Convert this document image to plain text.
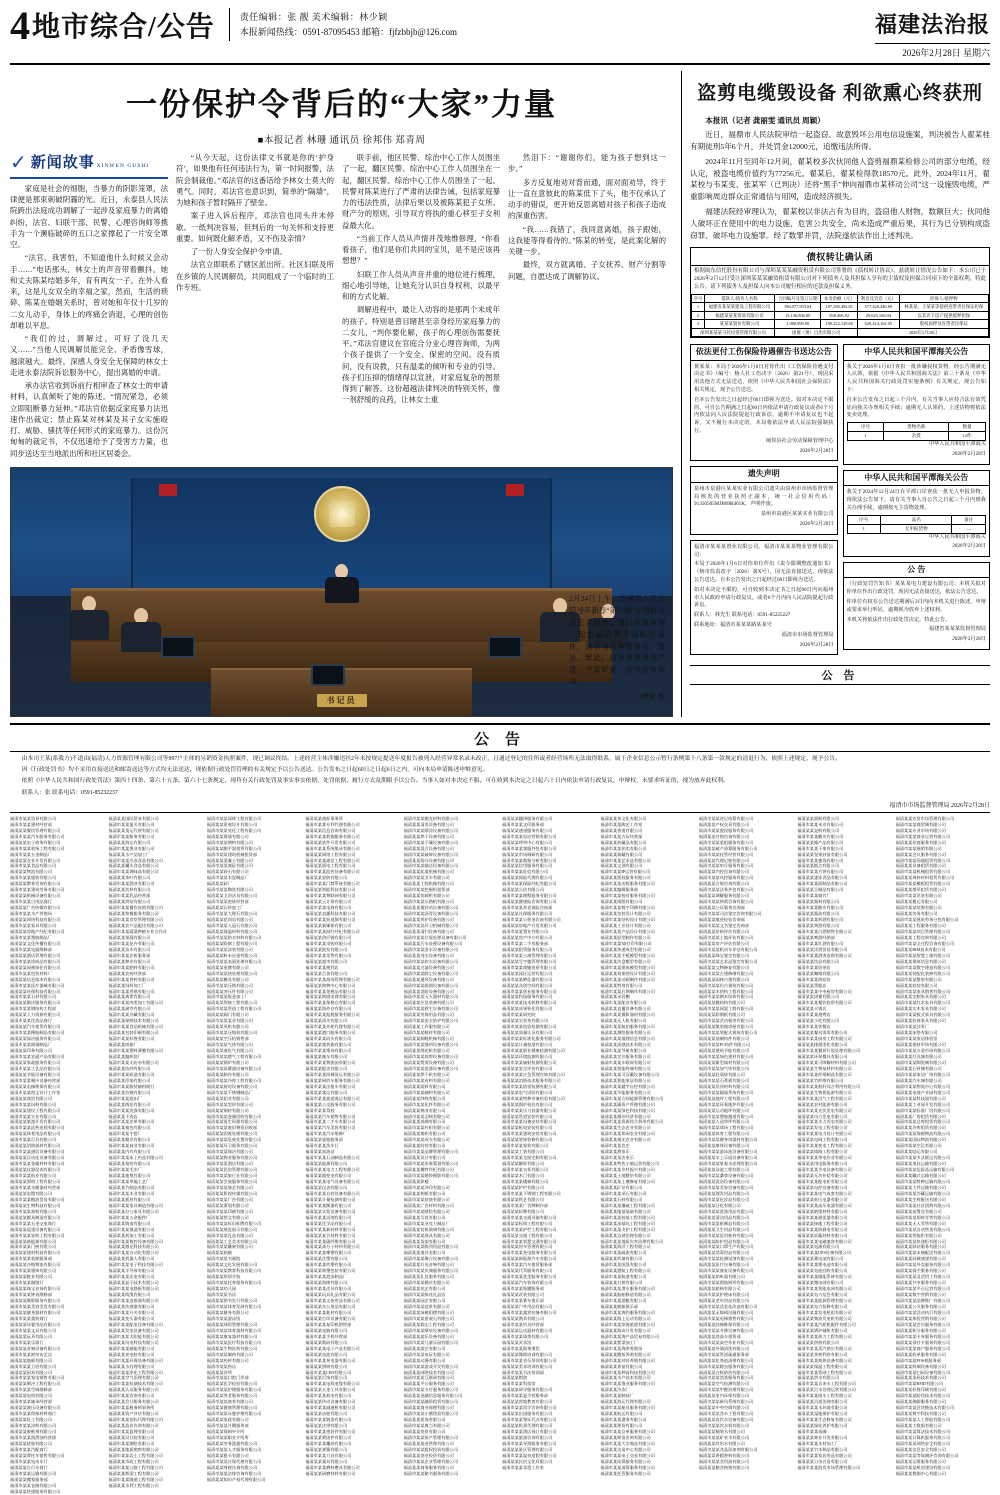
4 地市综合/公告	责任编辑：张 靓 美术编辑：林少颖
本报新闻热线：0591-87095453 邮箱：fjfzbbjb@126.com	福建法治报
2026年2月28日 星期六
一份保护令背后的“大家”力量
■本报记者 林珊 通讯员 徐邦伟 郑青周
✓ 新闻故事 XINWEN GUSHI

家庭是社会的细胞，当暴力的阴影笼罩，法律便是那束刺破阴霾的光。近日，永泰县人民法院跨出法庭成功调解了一起涉及家庭暴力的离婚纠纷，法官、妇联干部、民警、心理咨询师等携手为一个濒临破碎的五口之家撑起了一片安全罩空。

“法官，我害怕，不知道他什么时候又会动手……”电话那头，林女士的声音带着颤抖。她和丈夫陈某结婚多年，育有两女一子。在外人看来，这是儿女双全的幸福之家，然而，生活的琐碎、陈某在婚姻关系时，曾对她和年仅十几岁的二女儿动手，身体上的疼痛会消退，心理的创伤却难以平息。

“我们的过，调解过，可好了没几天又……”当他人民调解员能完全、矛盾像雪球，越滚越大。最终，深感人身安全无保障的林女士走进永泰法院诉讼服务中心，提出离婚的申请。

承办法官收到诉前行相审查了林女士的申请材料，认真倾听了她的陈述。“情况紧急，必须立即阻断暴力延伸。”邓法官依据反家庭暴力法迅速作出裁定；禁止陈某对林某及其子女实施殴打、威胁、骚扰等任何形式的家庭暴力。这份沉甸甸的裁定书，不仅迅速给予了受害方力量，也同步送达至当地派出所和社区居委会。

“从今天起，这份法律文书就是你的‘护身符’，如果他有任何违法行为，第一时间报警，法院会制裁他。”邓法官的这番话给予林女士莫大的勇气。同时，邓法官也意识到，简单的“隔墙”，为她和孩子暂时隔开了壁垒。

案子进入诉后程序，邓法官也同头并未停歇。一纸判决容易，但判后的一句关怀和支持更重要。如何既化解矛盾，又不伤及亲情？

了一份人身安全保护令申请。

法官立即联系了辖区派出所、社区妇联及所在乡镇的人民调解员，共同组成了一个临时的工作专班。

联手前，他区民警、综治中心工作人员围坐了一起，翻区民警、综治中心工作人员围坐在一起，翻区民警、综治中心工作人员围坐了一起。民警对陈某进行了严肃的法律告诫，包括家庭暴力的违法性质，法律后果以及被陈某犯子女所、财产分的原则，引导双方将执的重心移至子女利益最大化。

“当前工作人员从声情并茂地维修理，“你看看孩子，他们是你们共同的宝贝，是不是应该再想想？”

妇联工作人员从声音并重的地位进行梳理，细心地引导她，让她充分认识自身权利，以最平和的方式化解。

调解进程中，最让人动容的是那两个未成年的孩子。特别是曾目睹甚至亲身经历家庭暴力的二女儿，“判你要化解，孩子的心理创伤需要抚平。”邓法官建议在官庭合分业心理咨询师，为两个孩子提供了一个安全、保密的空间。没有质问，没有说教，只有温柔的倾听和专业的引导。孩子们压抑的情绪得以宣泄，对家庭复杂的图景得到了解答。这份超越法律判决的特别关怀，像一剂舒缓的良药，让林女士重

然泪下：“谢谢你们，能为孩子想到这一步。”

多方反复地劝对背而通，面对面劝导，终于让一直在意彼此的陈某低下了头，他不仅承认了动手的错误，更开始反思离婚对孩子和孩子造成的深重伤害。

“我……我错了，我同意离婚，孩子跟她，这我能等得看待的。”陈某的转变，是此案化解的关键一步。

最终，双方就离婚、子女抚养、财产分割等问题，自愿达成了调解协议。

书记员
2月24日上午，安溪县人民法院寻年新春“第一槌”在管桥法庭正式敲响，当日开展审理一起金融借款合同纠纷案件。法官当庭审查事实、质证、辩论，庭审流程规范严谨，亨泰彰显，否为庭审现场。
□傅敏 摄
盗剪电缆毁设备 利欲熏心终获刑

本报讯（记者 龚丽雯 通讯员 周颖）

近日，福鼎市人民法院审结一起盗窃、故意毁坏公用电信设施案，判决被告人翟某桂有期徒刑5年6个月，并处罚金12000元，追缴违法所得。

2024年11月至同年12月间，翟某校多次伙同他人盗剪福鼎某检修公司的部分电缆，经认定，被盗电缆价值约为77256元。翟某后，翟某检得款18570元。此外，2024年11月，翟某校与韦某变、张某军（已判决）还将“黑手”伸向福鼎市某移动公司”这一设施毁电缆，严重影响周边群众正常通信与用网，造成经济损失。

福建法院经审理认为，翟某校以非法占有为目的，盗窃他人财物，数额巨大；伙同他人破坏正在使用中的电力设施、危害公共安全，尚未造成严重后果，其行为已分别构成盗窃罪、破坏电力设施罪。经了数罪并罚，法院遂依法作出上述判决。

债权转让确认函
根据闽东信托股份有限公司与深圳某某某融资租赁有限公司签署的《债权转让协议》，兹就转让情况公告如下：本公司已于2026年2月12日受让深圳某某某融资租赁有限公司对下列债务人及其担保人享有的主债权及担保合同项下的全部权利，特此公告。请下列债务人及担保人向本公司履行相应的还款及担保义务。
序号	借款人/债务人名称	合同编号及签订日期	本金余额（元）	利息及罚息（元）	担保人/抵押物
1	福建省某某某建设工程有限公司	196,077,953.04	187,386,492.81	577,428,446.69	林某某、王某某等提供连带责任保证担保
2	福建某某某贸易有限公司	13,136,806.00	838,466.92	29,625,166.04	以其名下房产提供抵押担保
3	某某某置业有限公司	3,980,999.00	190,222,149.60	620,414,162.05	股权质押及连带责任保证
深圳某某某马托投资管理有限公司		国催（署）自治有限公司		2026年2月28日	
依法更付工伤保险待遇催告书送达公告

黄某某：本局于2026年1月8日对你作出《工伤保险待遇支付决定书》（编号：榕人社工伤决字〔2026〕第21号），现因采用其他方式无法送达，依照《中华人民共和国社会保险法》相关规定，现予公告送达。

自本公告发出之日起经过60日即视为送达。如对本决定不服的，可自公告期满之日起60日内依法申请行政复议或者6个月内依法向人民法院提起行政诉讼。逾期不申请复议也不起诉，又不履行本决定的，本局将依法申请人民法院强制执行。

闽侯县社会劳动保障管理中心

2026年2月28日

遗失声明

泉州市泉港区某某实业有限公司遗失由泉州市市场监督管理局核发的营业执照正副本，统一社会信用代码：91350505MJB69R461K，声明作废。

泉州市泉港区某某实业有限公司

2026年2月28日

福清市某某某置业有限公司、福清市某某某物业管理有限公司：

本局于2026年1月6日对你单位作出《责令限期整改通知书》（榕市监责改字〔2026〕第X号），因无法直接送达，现依法公告送达。自本公告发出之日起经过60日即视为送达。

如对本决定不服的，可自收到本决定书之日起60日内向福州市人民政府申请行政复议，或者6个月内向人民法院提起行政诉讼。

联系人：林先生 联系电话：0591-85225227

联系地址：福清市某某某路某某号

福清市市场监督管理局

2026年2月28日

中华人民共和国平潭海关公告

我关于2026年1月6日查扣一批涉嫌侵权货物，经公告期满无人认领，依据《中华人民共和国海关法》第三十条及《中华人民共和国海关行政处罚实施条例》有关规定，现公告如下：

自本公告发布之日起三个月内，有关当事人应持合法有效凭证向我关办理相关手续；逾期无人认领的，上述货物将依法变卖处理。

序号	货物名称	数量
1	杂货	12件

中华人民共和国平潭海关

2026年2月28日

中华人民共和国平潭海关公告

我关于2024年12月24日在平潭口岸查获一批无人申报货物，现依法公告如下，请有关当事人自公告之日起三个月内到我关办理手续，逾期按无主货物处理。

序号	品名	备注
1	无申报货物	—

中华人民共和国平潭海关

2026年2月28日

公 告

（行政处罚告知书）某某某电力建设有限公司：本机关拟对你单位作出行政处罚，现因无法直接送达，依法公告送达。

你单位有权在公告送达期满后3日内向本机关进行陈述、申辩或要求举行听证，逾期视为放弃上述权利。

本机关将依法作出行政处罚决定。特此公告。

福建省某某某监督管理局

2026年2月28日

公 告
公 告

由本司王某(系我方)不道由(福清)人力资源管理有限公司等997户主体的另销资金执照案件，现已调议终结。上述经营主体涉嫌违挂2年未按规定提送年度报告被列入经营异常名录未改正，且通过登记的住所或者经营场所无法取得联系，属于企业信息公示暂行条例第十八条第一款规定的清退行为，依照上述规定，现予公告。

因《行政处罚书》均不采用直接送达和邮寄送达等方式均无法送达，现依据行政处罚管理的有关规定予以公告送达。公告发布之日起60日之日起6日之内，可向本局申请陈述申辩意见。

依照《中华人民共和国行政处罚法》第四十四条、第六十五条、第六十七条规定，现将有关行政处罚及事实事实依据、处罚依据、履行方式及期限予以公告。当事人如对本决定不服，可在收到本决定之日起六十日内依法申请行政复议，申辩权、未要求听证的，视为放弃此权利。

联系人：张 联系电话：0591-85232237

福清市市场监督管理局 2026年2月28日
福清市某某贸易有限公司
福清市某某建材经营部
福清某某餐饮管理有限公司
福清市某某汽车服务有限公司
福清某某电子商务有限公司
福清市某某装饰工程有限公司
福清市某某五金制品厂
福清某某农业开发有限公司
福清市某某食品有限公司
福清某某物流有限公司
福清市某某服装有限公司
福清某某教育咨询有限公司
福清市某某建筑劳务有限公司
福清某某机械设备有限公司
福清市某某日用品商行
福清某某广告传媒有限公司
福清市某某水产养殖场
福清某某网络科技有限公司
福清市某某家具有限公司
福清某某房地产经纪有限公司
福清市某某塑胶制品厂
福清某某文化传播有限公司
福清市某某电器维修部
福清某某酒店管理有限公司
福清市某某纺织品有限公司
福清某某园林绿化有限公司
福清市某某包装材料厂
福清某某信息技术有限公司
福清市某某医疗器械有限公司
福清某某环保科技有限公司
福清市某某石材有限公司
福清某某婚庆服务有限公司
福清市某某钢结构工程部
福清某某人力资源有限公司
福清市某某化妆品商行
福清某某汽车租赁有限公司
福清市某某橡胶制品有限公司
福清某某保洁服务有限公司
福清市某某玻璃制品厂
福清某某印务有限公司
福清市某某农副产品有限公司
福清某某家政服务有限公司
福清市某某工艺品有限公司
福清某某节能设备有限公司
福清市某某制冷设备经营部
福清某某电梯维保有限公司
福清市某某图文设计工作室
福清某某商贸有限公司
福清市某某饲料有限公司
福清某某建设工程有限公司
福清市某某实业有限公司
福清某某旅游开发有限公司
福清市某某医药连锁有限公司
福清某某体育用品有限公司
福清市某某灯具有限公司
福清某某消防器材有限公司
福清市某某通信设备有限公司
福清某某自动化设备有限公司
福清市某某金属材料有限公司
福清某某仪器仪表有限公司
福清市某某纸业有限公司
福清某某照明工程有限公司
福清市某某水暖器材经营部
福清某某电缆有限公司
福清市某某粮油贸易有限公司
福清某某生物科技有限公司
福清市某某畜牧有限公司
福清某某模具制造有限公司
福清市某某五金交电商行
福清某某起重设备有限公司
福清市某某安防工程有限公司
福清某某新能源有限公司
福清市某某门窗有限公司
福清某某建材科技有限公司
福清市某某装卸服务部
福清某某冷链物流有限公司
福清市某某服饰有限公司
福清某某鞋业有限公司
福清市某某眼镜行
福清某某珠宝首饰有限公司
福清市某某钟表维修部
福清某某摄影服务有限公司
福清市某某美容美发有限公司
福清某某健身器材有限公司
福清市某某童装商行
福清某某母婴用品有限公司
福清市某某文具有限公司
福清某某玩具有限公司
福清市某某乐器行
福清某某音响设备有限公司
福清市某某窗帘布艺店
福清某某地板有限公司
福清市某某卫浴有限公司
福清某某厨具有限公司
福清市某某家电销售有限公司
福清某某制冷工程有限公司
福清市某某空调维修部
福清某某电机有限公司
福清市某某轴承经营部
福清某某液压设备有限公司
福清市某某焊接材料商行
福清某某化工有限公司
福清市某某涂料有限公司
福清某某胶粘剂有限公司
福清市某某润滑油经营部
福清某某轮胎有限公司
福清市某某汽配商行
福清某某摩托车销售有限公司
福清市某某电动车行
福清某某自行车商行
福清市某某运输有限公司
福清某某搬家服务部
福清市某某仓储有限公司
福清某某快递服务有限公司
福清某某国际贸易有限公司
福清市某某报关有限公司
福清某某货运代理有限公司
福清市某某船务有限公司
福清某某海运有限公司
福清市某某渔业有限公司
福清某某水产品加工厂
福清市某某冷冻食品有限公司
福清某某罐头食品有限公司
福清市某某调味品有限公司
福清某某茶叶有限公司
福清市某某酒业有限公司
福清某某饮料有限公司
福清市某某乳品经营部
福清某某烘焙有限公司
福清市某某餐饮连锁有限公司
福清某某快餐服务有限公司
福清市某某食堂管理有限公司
福清某某农产品配送有限公司
福清市某某蔬菜种植专业合作社
福清某某果蔬有限公司
福清市某某花卉有限公司
福清某某苗木有限公司
福清市某某农机服务部
福清某某种业有限公司
福清市某某肥料有限公司
福清某某农药经营部
福清市某某兽药有限公司
福清某某饲料加工厂
福清市某某养殖有限公司
福清某某禽蛋有限公司
福清市某某肉类加工有限公司
福清某某屠宰有限公司
福清市某某冷藏有限公司
福清某某保鲜技术有限公司
福清市某某食品机械有限公司
福清某某包装印刷有限公司
福清市某某标签有限公司
福清某某纸箱厂
福清市某某塑料薄膜有限公司
福清某某编织袋厂
福清市某某无纺布有限公司
福清某某纺纱有限公司
福清市某某织造有限公司
福清某某印染有限公司
福清市某某服装辅料商行
福清某某拉链有限公司
福清市某某纽扣厂
福清某某绣花有限公司
福清市某某洗涤有限公司
福清某某干洗店
福清市某某皮革有限公司
福清某某箱包有限公司
福清市某某手套厂
福清某某帽业有限公司
福清市某某袜业有限公司
福清某某内衣有限公司
福清市某某床上用品有限公司
福清某某家纺有限公司
福清市某某毛巾厂
福清某某地毯有限公司
福清市某某草编工艺厂
福清某某竹制品有限公司
福清市某某木业有限公司
福清某某板材有限公司
福清市某某家具制造有限公司
福清某某办公家具有限公司
福清市某某五金配件厂
福清某某铸造有限公司
福清市某某锻造有限公司
福清某某机加工有限公司
福清市某某数控设备有限公司
福清某某激光科技有限公司
福清市某某自动化有限公司
福清某某机器人有限公司
福清市某某电子科技有限公司
福清某某半导体有限公司
福清市某某光电有限公司
福清某某显示技术有限公司
福清市某某电路板有限公司
福清某某线缆有限公司
福清市某某连接器有限公司
福清某某传感器有限公司
福清市某某开关有限公司
福清某某变压器有限公司
福清市某某配电设备有限公司
福清某某发电设备有限公司
福清市某某太阳能有限公司
福清某某风电科技有限公司
福清市某某储能有限公司
福清某某充电桩有限公司
福清市某某环保设备有限公司
福清某某水处理有限公司
福清市某某净化工程有限公司
福清某某空气治理有限公司
福清市某某检测技术有限公司
福清某某认证服务有限公司
福清市某某咨询有限公司
福清某某会计服务有限公司
福清市某某税务师事务所
福清某某资产评估有限公司
福清市某某招标代理有限公司
福清某某造价咨询有限公司
福清市某某监理有限公司
福清某某设计院有限公司
福清市某某测绘有限公司
福清某某地质勘察有限公司
福清市某某岩土工程有限公司
福清某某市政工程有限公司
福清市某某公路工程有限公司
福清某某桥梁工程有限公司
福清市某某隧道工程有限公司
福清某某水利工程有限公司
福清市某某园林工程有限公司
福清某某景观设计有限公司
福清市某某亮化工程有限公司
福清某某幕墙有限公司
福清市某某钢构有限公司
福清某某脚手架租赁有限公司
福清市某某建筑机械租赁部
福清某某混凝土有限公司
福清市某某商砼有限公司
福清某某砂石有限公司
福清市某某水泥制品厂
福清某某砖厂
福清市某某陶瓷有限公司
福清某某卫浴洁具有限公司
福清市某某瓷砖经营部
福清某某石材加工厂
福清市某某大理石有限公司
福清某某花岗岩有限公司
福清市某某人造石有限公司
福清某某保温材料有限公司
福清市某某防水材料有限公司
福清某某防腐工程有限公司
福清市某某涂装有限公司
福清某某粉末冶金有限公司
福清市某某表面处理有限公司
福清某某电镀有限公司
福清市某某热处理有限公司
福清某某模具有限公司
福清市某某压铸有限公司
福清某某冲压件有限公司
福清市某某钣金加工厂
福清某某焊接工程有限公司
福清市某某管道工程有限公司
福清某某阀门有限公司
福清市某某泵业有限公司
福清某某风机有限公司
福清市某某压缩机有限公司
福清某某空压机销售部
福清市某某气体有限公司
福清某某液化气有限公司
福清市某某燃气工程有限公司
福清某某锅炉有限公司
福清市某某暖通设备有限公司
福清某某制冷有限公司
福清市某某冷库工程有限公司
福清某某厨房设备有限公司
福清市某某不锈钢制品厂
福清某某铝业有限公司
福清市某某型材有限公司
福清某某铜材有限公司
福清市某某金属回收有限公司
福清某某再生资源有限公司
福清市某某废旧物资回收部
福清某某固废处理有限公司
福清市某某危废处置有限公司
福清某某环卫服务有限公司
福清市某某保洁有限公司
福清某某物业服务有限公司
福清市某某酒店有限公司
福清某某民宿管理有限公司
福清市某某旅行社有限公司
福清某某会展服务有限公司
福清市某某演艺有限公司
福清某某影视传媒有限公司
福清市某某广告有限公司
福清某某策划有限公司
福清市某某印刷有限公司
福清某某图文有限公司
福清市某某标识标牌有限公司
福清某某展览展示有限公司
福清市某某礼品有限公司
福清某某工艺美术有限公司
福清市某某雕刻有限公司
福清某某画廊
福清市某某书画院
福清某某文化发展有限公司
福清市某某教育科技有限公司
福清某某培训学校
福清市某某托育服务有限公司
福清某某幼儿园
福清市某某书店
福清某某图书发行有限公司
福清市某某体育发展有限公司
福清某某健身有限公司
福清市某某游泳馆
福清某某球馆管理有限公司
福清市某某体育器材有限公司
福清某某康复器材有限公司
福清市某某医疗科技有限公司
福清某某生物医药有限公司
福清市某某制药有限公司
福清某某药材有限公司
福清市某某药店
福清某某诊所
福清市某某口腔门诊部
福清某某医学检验有限公司
福清市某某护理服务有限公司
福清某某养老服务有限公司
福清市某某康养有限公司
福清某某健康管理有限公司
福清市某某母婴护理有限公司
福清某某家政有限公司
福清市某某月嫂服务部
福清某某保姆中介所
福清市某某职业介绍所
福清某某劳务派遣有限公司
福清市某某人才服务有限公司
福清某某猎头有限公司
福清市某某社保代理有限公司
福清某某财税咨询有限公司
福清市某某法律咨询有限公司
福清某某知识产权代理有限公司
福清某某商标事务所
福清市某某专利代理有限公司
福清某某信息咨询有限公司
福清市某某数据服务有限公司
福清某某软件开发有限公司
福清市某某系统集成有限公司
福清某某网络工程有限公司
福清市某某通信工程有限公司
福清某某弱电工程有限公司
福清市某某监控设备有限公司
福清某某安防有限公司
福清市某某门禁系统有限公司
福清某某智能科技有限公司
福清市某某物联网有限公司
福清某某云计算有限公司
福清市某某电商有限公司
福清某某直播科技有限公司
福清市某某短视频有限公司
福清某某新媒体有限公司
福清市某某网红经纪有限公司
福清某某供应链有限公司
福清市某某采购有限公司
福清某某批发有限公司
福清市某某零售有限公司
福清某某超市有限公司
福清市某某便利店
福清某某百货有限公司
福清市某某商场管理有限公司
福清某某购物中心有限公司
福清市某某免税品有限公司
福清某某跨境电商有限公司
福清市某某保税仓有限公司
福清某某海外仓有限公司
福清市某某报税服务有限公司
福清某某清关有限公司
福清市某某外轮代理有限公司
福清某某港口服务有限公司
福清市某某码头有限公司
福清某某集装箱有限公司
福清市某某堆场有限公司
福清某某拖车有限公司
福清市某某物流园有限公司
福清某某配送有限公司
福清市某某同城货运有限公司
福清某某网约车服务有限公司
福清市某某出租车有限公司
福清某某客运有限公司
福清市某某旅游客运有限公司
福清某某公交服务有限公司
福清市某某驾校
福清某某汽车销售有限公司
福清市某某二手车有限公司
福清某某汽车美容有限公司
福清市某某汽车维修厂
福清某某轮胎服务部
福清市某某洗车行
福清某某加油站
福清市某某石油制品有限公司
福清某某能源有限公司
福清市某某电力工程有限公司
福清某某输变电有限公司
福清市某某电气设备有限公司
福清某某仪表有限公司
福清市某某自控设备有限公司
福清某某计量检测有限公司
福清市某某衡器有限公司
福清某某实验设备有限公司
福清市某某试剂有限公司
福清某某化学品有限公司
福清市某某新材料有限公司
福清某某复合材料有限公司
福清市某某碳纤维有限公司
福清某某高分子材料有限公司
福清市某某橡塑有限公司
福清某某注塑有限公司
福清市某某吹塑有限公司
福清某某吸塑包装有限公司
福清市某某泡沫制品厂
福清某某海绵有限公司
福清市某某皮具有限公司
福清某某玩具礼品有限公司
福清市某某文体用品有限公司
福清某某办公用品有限公司
福清市某某耗材有限公司
福清某某打印设备有限公司
福清市某某复印机销售部
福清某某电脑有限公司
福清市某某手机经营部
福清某某数码有限公司
福清市某某电子产品有限公司
福清某某电池有限公司
福清市某某充电器有限公司
福清某某照明有限公司
福清市某某LED有限公司
福清某某灯饰有限公司
福清市某某电线电缆有限公司
福清某某五金工具有限公司
福清市某某机电有限公司
福清某某传动设备有限公司
福清市某某减速机有限公司
福清某某齿轮有限公司
福清市某某链条有限公司
福清某某皮带有限公司
福清市某某密封件有限公司
福清某某紧固件有限公司
福清市某某螺丝有限公司
福清某某弹簧有限公司
福清市某某刀具有限公司
福清某某量具有限公司
福清市某某磨料磨具有限公司
福清某某研磨材料有限公司
福清市某某抛光材料有限公司
福清某某清洗设备有限公司
福清市某某喷涂设备有限公司
福清某某烘干设备有限公司
福清市某某干燥设备有限公司
福清某某混合设备有限公司
福清市某某破碎设备有限公司
福清某某筛分设备有限公司
福清市某某输送设备有限公司
福清某某起重机械有限公司
福清市某某叉车有限公司
福清某某工程机械有限公司
福清市某某挖掘机租赁部
福清某某装载机有限公司
福清市某某压路机有限公司
福清某某搅拌站设备有限公司
福清市某某沥青设备有限公司
福清某某养护设备有限公司
福清市某某环卫机械有限公司
福清某某清扫设备有限公司
福清市某某垃圾处理设备有限公司
福清某某污水处理设备有限公司
福清市某某净水设备有限公司
福清某某纯水设备有限公司
福清市某某软水设备有限公司
福清某某过滤设备有限公司
福清市某某除尘设备有限公司
福清某某通风设备有限公司
福清市某某排烟设备有限公司
福清某某消防设备有限公司
福清市某某灭火器材有限公司
福清某某应急装备有限公司
福清市某某救生设备有限公司
福清某某劳保用品有限公司
福清市某某安全防护有限公司
福清某某工作服有限公司
福清市某某鞋材有限公司
福清某某制鞋机械有限公司
福清市某某缝纫设备有限公司
福清某某绣花机有限公司
福清市某某裁剪设备有限公司
福清某某熨烫设备有限公司
福清市某某洗涤设备有限公司
福清某某烘干机有限公司
福清市某某布料有限公司
福清某某面料有限公司
福清市某某辅料有限公司
福清某某纱线有限公司
福清市某某化纤有限公司
福清某某棉业有限公司
福清市某某羽绒有限公司
福清某某丝绸有限公司
福清市某某针织有限公司
福清某某梭织有限公司
福清市某某成衣有限公司
福清某某时装有限公司
福清市某某品牌管理有限公司
福清某某设计有限公司
福清市某某形象策划有限公司
福清某某模特经纪有限公司
福清市某某婚纱摄影有限公司
福清某某影楼
福清市某某冲印有限公司
福清某某相框有限公司
福清市某某装裱有限公司
福清某某广告材料有限公司
福清市某某喷绘有限公司
福清某某写真有限公司
福清市某某亚克力制品厂
福清某某有机玻璃有限公司
福清市某某展具有限公司
福清某某货架有限公司
福清市某某陈列用品有限公司
福清某某道具有限公司
福清市某某舞台设备有限公司
福清某某灯光音响有限公司
福清市某某庆典服务有限公司
福清某某礼仪服务有限公司
福清市某某婚庆有限公司
福清某某花艺有限公司
福清市某某鲜花礼品店
福清某某园艺有限公司
福清市某某盆景有限公司
福清某某绿植租摆有限公司
福清市某某景观石有限公司
福清某某假山工程有限公司
福清市某某喷泉设备有限公司
福清某某游乐设备有限公司
福清市某某儿童乐园有限公司
福清某某游艺有限公司
福清市某某电玩有限公司
福清某某动漫有限公司
福清市某某游戏开发有限公司
福清某某网络技术有限公司
福清市某某互联网有限公司
福清某某平台服务有限公司
福清市某某支付服务有限公司
福清某某金融信息服务有限公司
福清市某某融资租赁有限公司
福清某某商业保理有限公司
福清市某某小额贷款有限公司
福清某某担保有限公司
福清市某某典当有限公司
福清某某投资有限公司
福清市某某资产管理有限公司
福清某某基金管理有限公司
福清市某某股权投资有限公司
福清某某创业投资有限公司
福清市某某企业管理有限公司
福清某某商务服务有限公司
福清市某某秘书服务有限公司
福清某某翻译服务有限公司
福清市某某文印服务部
福清某某速递服务有限公司
福清市某某电话营销有限公司
福清某某呼叫中心有限公司
福清市某某客服外包有限公司
福清某某市场调研有限公司
福清市某某数据分析有限公司
福清某某信用服务有限公司
福清市某某征信有限公司
福清某某保险代理有限公司
福清市某某保险经纪有限公司
福清某某公估有限公司
福清市某某理赔服务有限公司
福清某某健康险咨询有限公司
福清市某某养老保险咨询部
福清某某社保服务有限公司
福清市某某公积金咨询有限公司
福清某某房地产开发有限公司
福清市某某置业有限公司
福清某某房产中介有限公司
福清市某某二手房服务部
福清某某租赁服务有限公司
福清市某某公寓管理有限公司
福清某某写字楼管理有限公司
福清市某某商铺投资有限公司
福清某某园区运营有限公司
福清市某某孵化器有限公司
福清某某众创空间有限公司
福清市某某创业服务有限公司
福清某某科技服务有限公司
福清市某某技术转移有限公司
福清某某成果转化有限公司
福清市某某研究院
福清某某实验室有限公司
福清市某某检验检测有限公司
福清某某质量认证有限公司
福清市某某标准化服务有限公司
福清某某计量校准有限公司
福清市某某职业健康检测有限公司
福清某某环境监测有限公司
福清市某某辐射检测有限公司
福清某某安全评价有限公司
福清市某某应急管理咨询有限公司
福清某某消防技术服务有限公司
福清市某某防雷检测有限公司
福清某某电气试验有限公司
福清市某某特种设备检验有限公司
福清某某锅炉检验有限公司
福清市某某压力容器有限公司
福清某某管道安装有限公司
福清市某某设备安装有限公司
福清某某机电安装有限公司
福清市某某建筑安装有限公司
福清某某装饰装修有限公司
福清市某某家装有限公司
福清某某工装有限公司
福清市某某全屋定制有限公司
福清某某橱柜有限公司
福清市某某衣柜有限公司
福清某某木门有限公司
福清市某某楼梯有限公司
福清某某护栏有限公司
福清市某某不锈钢工程有限公司
福清某某铁艺有限公司
福清市某某广告牌制作部
福清某某标牌有限公司
福清市某某交通设施有限公司
福清某某标线工程有限公司
福清市某某护栏工程有限公司
福清某某交通工程有限公司
福清市某某智慧交通有限公司
福清某某停车管理有限公司
福清市某某充电服务有限公司
福清某某新能源汽车有限公司
福清市某某汽车租赁服务部
福清某某代驾服务有限公司
福清市某某洗美服务有限公司
福清某某汽车装饰有限公司
福清市某某贴膜服务部
福清某某改装有限公司
福清市某某赛车俱乐部
福清某某户外用品有限公司
福清市某某露营装备有限公司
福清某某渔具有限公司
福清市某某钓具经营部
福清某某运动器材有限公司
福清市某某球类有限公司
福清某某武术馆
福清市某某跆拳道馆
福清某某舞蹈培训有限公司
福清市某某音乐培训有限公司
福清某某美术培训有限公司
福清市某某书法培训部
福清某某棋院
福清市某某科技馆
福清某某研学服务有限公司
福清市某某夏令营服务部
福清某某营地教育有限公司
福清市某某留学咨询有限公司
福清某某出国服务有限公司
福清市某某签证代办有限公司
福清某某机票代理有限公司
福清市某某酒店预订有限公司
福清某某旅游咨询有限公司
福清市某某导游服务有限公司
福清某某景区管理有限公司
福清市某某温泉度假有限公司
福清某某民俗文化有限公司
福清市某某非遗工作室
福清某某茶文化有限公司
福清市某某陶艺工作室
福清某某香道有限公司
福清市某某古玩经营部
福清某某收藏品有限公司
福清市某某拍卖有限公司
福清某某典藏有限公司
福清市某某艺术品有限公司
福清某某文创有限公司
福清市某某IP运营有限公司
福清某某版权服务有限公司
福清市某某出版服务有限公司
福清某某编辑服务部
福清市某某校对服务有限公司
福清某某排版有限公司
福清市某某数字印刷有限公司
福清某某包装设计有限公司
福清市某某结构设计有限公司
福清某某工业设计有限公司
福清市某某产品设计有限公司
福清某某原型制作有限公司
福清市某某3D打印有限公司
福清某某快速成型有限公司
福清市某某手板模型有限公司
福清某某沙盘模型有限公司
福清市某某建筑模型有限公司
福清某某效果图设计有限公司
福清市某某动画制作有限公司
福清某某特效有限公司
福清市某某后期制作有限公司
福清某某录音棚
福清市某某配音有限公司
福清某某直播设备有限公司
福清市某某摄影器材有限公司
福清某某无人机有限公司
福清市某某航拍服务有限公司
福清某某测绘服务有限公司
福清市某某地理信息有限公司
福清某某遥感技术有限公司
福清市某某导航有限公司
福清某某定位服务有限公司
福清市某某车联网有限公司
福清某某智能终端有限公司
福清市某某可穿戴设备有限公司
福清某某智能家居有限公司
福清市某某楼宇自控有限公司
福清某某节能服务有限公司
福清市某某合同能源管理有限公司
福清某某碳资产管理有限公司
福清市某某绿色科技有限公司
福清某某循环经济有限公司
福清市某某资源综合利用有限公司
福清某某生态农业有限公司
福清市某某休闲农业有限公司
福清某某观光农业有限公司
福清市某某农庄
福清某某渔家乐
福清市某某农家乐
福清某某特色小镇运营有限公司
福清市某某乡村振兴有限公司
福清某某土地整治有限公司
福清市某某土壤修复有限公司
福清某某矿业有限公司
福清市某某采石有限公司
福清某某石料有限公司
福清市某某爆破工程有限公司
福清某某地基基础有限公司
福清市某某桩基工程有限公司
福清某某深基坑工程有限公司
福清市某某支护工程有限公司
福清某某边坡治理有限公司
福清市某某地质灾害治理有限公司
福清某某海洋工程有限公司
福清市某某疏浚有限公司
福清某某吹填有限公司
福清市某某围垦有限公司
福清某某港航工程有限公司
福清市某某航道有限公司
福清某某打捞有限公司
福清市某某潜水服务有限公司
福清某某船舶修造有限公司
福清市某某游艇有限公司
福清某某帆船俱乐部
福清市某某海钓服务有限公司
福清某某海上运动有限公司
福清市某某滨海旅游有限公司
福清某某海岛开发有限公司
福清市某某海产品贸易有限公司
福清某某紫菜加工厂
福清市某某海带养殖场
福清某某鲍鱼养殖有限公司
福清市某某对虾养殖有限公司
福清某某育苗有限公司
福清市某某种苗科技有限公司
福清某某水产技术有限公司
福清市某某渔业服务有限公司
福清某某冷冻厂
福清市某某制冰厂
福清某某海运代理有限公司
福清市某某船员服务有限公司
福清某某航运有限公司
福清市某某港务有限公司
福清某某理货有限公司
福清市某某仓单服务有限公司
福清某某期货咨询有限公司
福清市某某大宗商品有限公司
福清某某交易中心有限公司
福清市某某电子交易有限公司
福清某某结算服务有限公司
福清市某某清算服务有限公司
福清某某托管服务有限公司
福清市某某登记结算有限公司
福清某某产权交易有限公司
福清市某某股权服务有限公司
福清某某并购咨询有限公司
福清市某某重组服务有限公司
福清某某破产清算服务有限公司
福清市某某托管经营有限公司
福清某某代理记账有限公司
福清市某某审计服务有限公司
福清某某内控咨询有限公司
福清市某某风控服务有限公司
福清某某合规咨询有限公司
福清市某某法务外包有限公司
福清某某调解服务有限公司
福清市某某仲裁咨询有限公司
福清某某公证服务咨询部
福清市某某司法鉴定咨询有限公司
福清某某痕迹检验咨询部
福清市某某文书鉴定咨询部
福清某某价格评估有限公司
福清市某某土地评估有限公司
福清某某房产评估有限公司
福清市某某机动车评估有限公司
福清某某珠宝鉴定有限公司
福清市某某艺术品鉴定有限公司
福清某某文物修复有限公司
福清市某某古建修缮有限公司
福清某某园林古建有限公司
福清市某某仿古建筑有限公司
福清某某木结构工程有限公司
福清市某某钢木结构有限公司
福清某某膜结构有限公司
福清市某某网架工程有限公司
福清某某彩钢板有限公司
福清市某某活动板房有限公司
福清某某集装箱房屋有限公司
福清市某某装配式建筑有限公司
福清某某预制构件有限公司
福清市某某PC构件有限公司
福清某某建筑节能有限公司
福清市某某绿色建材有限公司
福清某某新型墙材有限公司
福清市某某加气块有限公司
福清某某轻质砖有限公司
福清市某某石膏板有限公司
福清某某吊顶材料有限公司
福清市某某隔墙系统有限公司
福清某某地坪工程有限公司
福清市某某环氧地坪有限公司
福清某某运动地坪有限公司
福清市某某塑胶跑道有限公司
福清某某人造草坪有限公司
福清市某某球场工程有限公司
福清某某体育工程有限公司
福清市某某健身房器材有限公司
福清某某康体设备有限公司
福清市某某游泳池设备有限公司
福清某某水上乐园设备有限公司
福清市某某景观水处理有限公司
福清某某泳池工程有限公司
福清市某某桑拿设备有限公司
福清某某洗浴设备有限公司
福清市某某美容设备有限公司
福清某某理发用品有限公司
福清市某某化妆品有限公司
福清某某日化有限公司
福清市某某洗涤用品有限公司
福清某某清洁用品有限公司
福清市某某纸制品有限公司
福清某某卫生用品有限公司
福清市某某医用耗材有限公司
福清某某防护用品有限公司
福清市某某口罩生产有限公司
福清某某消毒用品有限公司
福清市某某检测试剂有限公司
福清某某医疗设备有限公司
福清市某某康复设备有限公司
福清某某助听器有限公司
福清市某某假肢矫形有限公司
福清某某轮椅有限公司
福清市某某护理床有限公司
福清某某老年用品有限公司
福清市某某适老化改造有限公司
福清某某无障碍设施有限公司
福清市某某电梯销售有限公司
福清某某扶梯维保有限公司
福清市某某升降设备有限公司
福清某某登高车租赁部
福清市某某高空作业有限公司
福清某某外墙清洗有限公司
福清市某某管道疏通服务部
福清某某化粪池清理有限公司
福清市某某除虫服务有限公司
福清某某白蚁防治有限公司
福清市某某消杀服务有限公司
福清某某空气检测有限公司
福清市某某甲醛治理有限公司
福清某某室内环保有限公司
福清市某某新风系统有限公司
福清某某中央空调有限公司
福清市某某净水工程有限公司
福清某某直饮水设备有限公司
福清市某某饮水机有限公司
福清某某桶装水有限公司
福清市某某矿泉水有限公司
福清某某饮用水有限公司
福清市某某食品添加剂有限公司
福清某某香精香料有限公司
福清市某某食用油有限公司
福清某某粮食购销有限公司
福清某某面粉有限公司
福清市某某米业有限公司
福清某某淀粉有限公司
福清市某某糖业有限公司
福清某某蜂产品有限公司
福清市某某干果有限公司
福清某某坚果炒货有限公司
福清市某某蜜饯有限公司
福清某某糕点有限公司
福清市某某月饼有限公司
福清某某速冻食品有限公司
福清市某某面制品有限公司
福清某某豆制品有限公司
福清市某某腐竹厂
福清某某酱料有限公司
福清市某某醋业有限公司
福清某某酱油有限公司
福清市某某料酒有限公司
福清某某黄酒有限公司
福清市某某白酒销售有限公司
福清某某啤酒经销部
福清市某某红酒有限公司
福清某某洋酒贸易有限公司
福清市某某酒类连锁有限公司
福清某某饮品有限公司
福清市某某奶茶店
福清某某咖啡有限公司
福清市某某烘焙坊
福清某某蛋糕店
福清市某某中央厨房有限公司
福清某某团餐有限公司
福清市某某餐饮投资有限公司
福清某某火锅店
福清市某某烧烤店
福清某某小吃有限公司
福清市某某快餐店
福清某某餐具消毒有限公司
福清市某某厨房工程有限公司
福清某某排烟净化有限公司
福清市某某餐厨垃圾处理有限公司
福清某某环保餐具有限公司
福清市某某可降解材料有限公司
福清某某生物基材料有限公司
福清市某某纤维制品有限公司
福清某某竹纤维有限公司
福清市某某秸秆综合利用有限公司
福清某某生物质能源有限公司
福清市某某沼气工程有限公司
福清某某农村能源有限公司
福清市某某光伏发电有限公司
福清某某风力发电有限公司
福清市某某水力发电有限公司
福清某某发电工程有限公司
福清市某某电力设计有限公司
福清某某电网工程有限公司
福清市某某变电工程有限公司
福清某某线路工程有限公司
福清市某某带电作业有限公司
福清某某用电服务有限公司
福清市某某节电设备有限公司
福清某某无功补偿有限公司
福清市某某配电柜有限公司
福清某某电控设备有限公司
福清市某某电气成套有限公司
福清某某低压电器有限公司
福清市某某高压电器有限公司
福清某某绝缘材料有限公司
福清市某某避雷器有限公司
福清某某接地工程有限公司
福清市某某防静电有限公司
福清某某屏蔽材料有限公司
福清市某某电磁兼容有限公司
福清某某电源有限公司
福清市某某UPS设备有限公司
福清某某蓄电池有限公司
福清市某某锂电池有限公司
福清某某电池回收有限公司
福清市某某储能系统有限公司
福清某某微电网有限公司
福清市某某智能电网有限公司
福清某某电力信息有限公司
福清市某某能源管理有限公司
福清某某电力检修有限公司
福清市某某发电机组有限公司
福清某某柴油发电机有限公司
福清市某某汽轮机配件有限公司
福清某某锅炉辅机有限公司
福清市某某热力工程有限公司
福清某某供热有限公司
福清市某某蒸汽供应有限公司
福清某某余热利用有限公司
福清市某某换热设备有限公司
福清某某保温工程有限公司
福清市某某管网工程有限公司
福清某某供水有限公司
福清市某某自来水工程有限公司
福清某某污水处理运营有限公司
福清市某某排水工程有限公司
福清某某河道治理有限公司
福清市某某水环境有限公司
福清某某湿地保护有限公司
福清市某某生态修复有限公司
福清某某绿化养护有限公司
福清市某某苗圃
福清某某林业开发有限公司
福清市某某木材加工厂
福清某某竹木制品有限公司
福清市某某家居用品有限公司
福清某某日杂百货有限公司
福清市某某批发市场管理有限公司
福清某某农贸市场管理有限公司
福清市某某商贸城有限公司
福清某某专业市场有限公司
福清市某某商业运营有限公司
福清某某招商服务有限公司
福清市某某展销有限公司
福清某某会议服务有限公司
福清市某某场地租赁有限公司
福清某某设备租赁有限公司
福清市某某机械租赁有限公司
福清某某周转材料租赁有限公司
福清市某某模板租赁有限公司
福清某某塔吊租赁有限公司
福清市某某吊装有限公司
福清某某搬运有限公司
福清市某某装卸有限公司
福清某某劳务有限公司
福清市某某建筑劳务分包有限公司
福清某某工程服务有限公司
福清市某某项目管理有限公司
福清某某工程咨询有限公司
福清市某某全过程咨询有限公司
福清某某BIM技术有限公司
福清市某某智慧工地有限公司
福清某某建筑信息有限公司
福清市某某数字建造有限公司
福清某某装配化装修有限公司
福清市某某整装有限公司
福清某某软装有限公司
福清市某某家具销售有限公司
福清某某定制家具有限公司
福清市某某红木家具有限公司
福清某某实木家具有限公司
福清市某某板式家具有限公司
福清某某软体家具有限公司
福清市某某沙发厂
福清某某床垫有限公司
福清市某某家居体验馆
福清某某建材市场有限公司
福清市某某五金市场有限公司
福清某某灯具城有限公司
福清市某某陶瓷城有限公司
福清某某石材城有限公司
福清市某某家居广场有限公司
福清某某汽车城有限公司
福清市某某物流中心有限公司
福清某某电商产业园有限公司
福清市某某科技园有限公司
福清某某工业园开发有限公司
福清市某某标准厂房有限公司
福清某某厂房租赁有限公司
福清市某某仓库租赁有限公司
福清某某冷库租赁有限公司
福清市某某保税物流有限公司
福清某某国际物流有限公司
福清市某某空运有限公司
福清某某陆运有限公司
福清市某某多式联运有限公司
福清某某甩挂运输有限公司
福清市某某危险品运输有限公司
福清某某罐式运输有限公司
福清市某某特种运输有限公司
福清某某大件运输有限公司
福清市某某冷藏运输有限公司
福清某某生鲜配送有限公司
福清市某某社区团购有限公司
福清某某前置仓有限公司
福清市某某即时零售有限公司
福清某某无人零售有限公司
福清市某某自动售货有限公司
福清某某智能柜有限公司
福清市某某快递柜有限公司
福清某某驿站服务有限公司
福清市某某末端配送有限公司
福清某某同城速递有限公司
福清市某某外卖服务有限公司
福清某某骑手服务有限公司
福清市某某灵活用工有限公司
福清某某共享服务有限公司
福清市某某平台运营有限公司
福清某某数字营销有限公司
福清市某某品牌推广有限公司
福清某某公关服务有限公司
福清市某某活动执行有限公司
福清某某体验营销有限公司
福清市某某会员服务有限公司
福清某某积分服务有限公司
福清市某某卡券服务有限公司
福清某某预付卡服务有限公司
福清市某某商户服务有限公司
福清某某收单服务有限公司
福清市某某POS机服务部
福清某某终端设备有限公司
福清市某某扫码设备有限公司
福清某某条码技术有限公司
福清市某某RFID有限公司
福清某某标签印刷有限公司
福清市某某防伪技术有限公司
福清某某溯源服务有限公司
福清市某某区块链技术有限公司
福清某某数字科技有限公司
福清市某某人工智能有限公司
福清某某大数据有限公司
福清市某某算法技术有限公司
福清某某计算机服务有限公司
福清市某某网络安全有限公司
福清某某信息安全有限公司
福清市某某等保测评咨询有限公司
福清某某运维服务有限公司
福清市某某机房建设有限公司
福清某某数据中心有限公司
